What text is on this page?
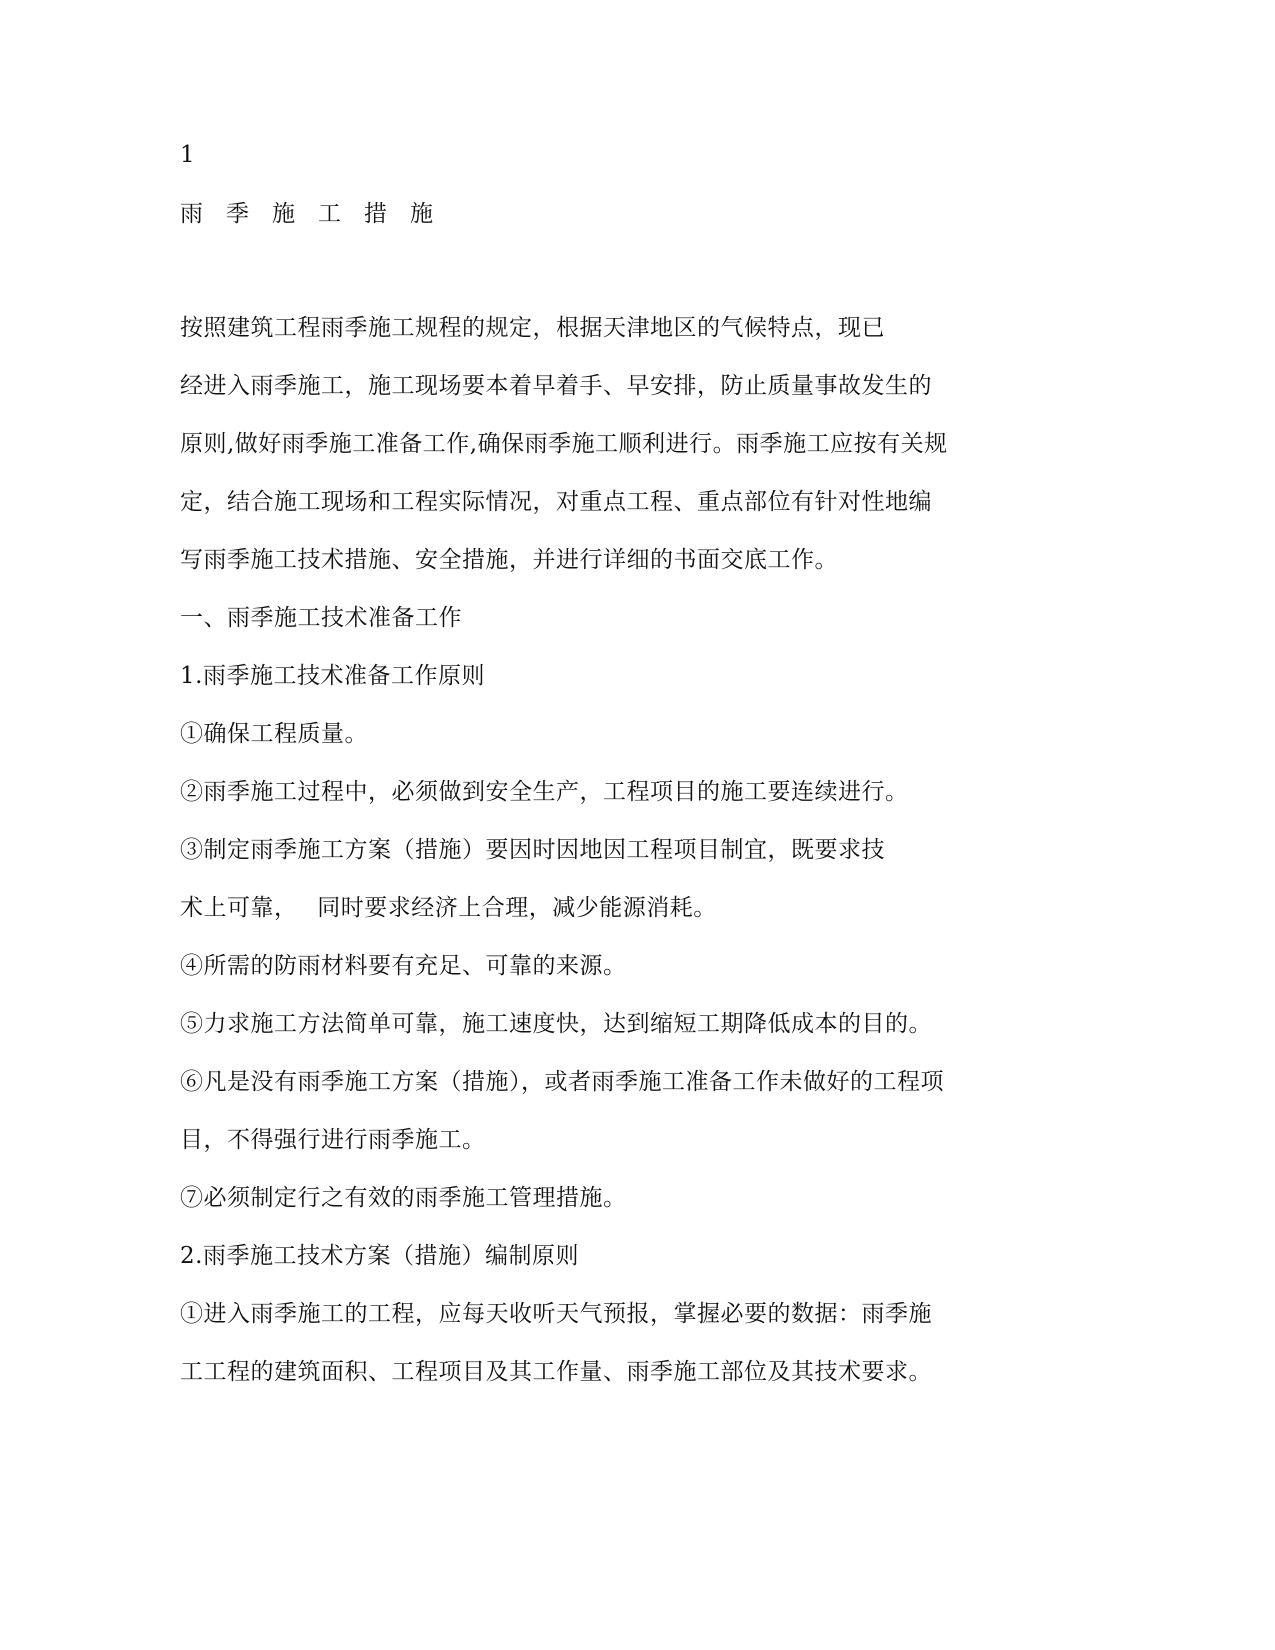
1
雨　季　施　工　措　施
按照建筑工程雨季施工规程的规定，根据天津地区的气候特点，现已
经进入雨季施工，施工现场要本着早着手、早安排，防止质量事故发生的
原则,做好雨季施工准备工作,确保雨季施工顺利进行。雨季施工应按有关规
定，结合施工现场和工程实际情况，对重点工程、重点部位有针对性地编
写雨季施工技术措施、安全措施，并进行详细的书面交底工作。
一、雨季施工技术准备工作
1.雨季施工技术准备工作原则
①确保工程质量。
②雨季施工过程中，必须做到安全生产，工程项目的施工要连续进行。
③制定雨季施工方案（措施）要因时因地因工程项目制宜，既要求技
术上可靠，　 同时要求经济上合理，减少能源消耗。
④所需的防雨材料要有充足、可靠的来源。
⑤力求施工方法简单可靠，施工速度快，达到缩短工期降低成本的目的。
⑥凡是没有雨季施工方案（措施），或者雨季施工准备工作未做好的工程项
目，不得强行进行雨季施工。
⑦必须制定行之有效的雨季施工管理措施。
2.雨季施工技术方案（措施）编制原则
①进入雨季施工的工程，应每天收听天气预报，掌握必要的数据：雨季施
工工程的建筑面积、工程项目及其工作量、雨季施工部位及其技术要求。
